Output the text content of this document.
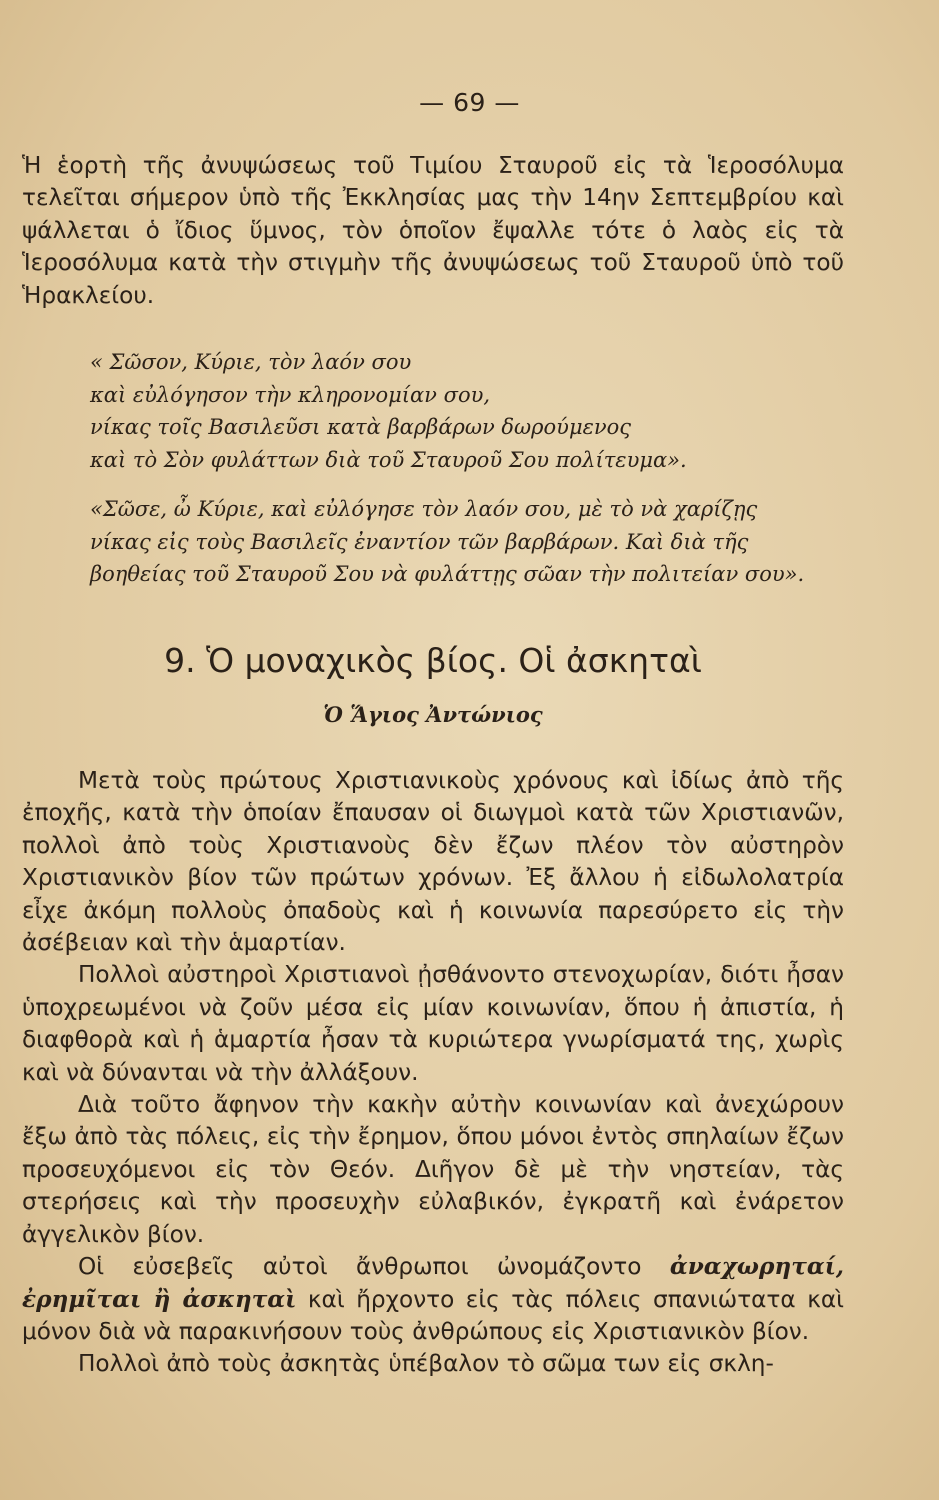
— 69 —

Ἡ ἑορτὴ τῆς ἀνυψώσεως τοῦ Τιμίου Σταυροῦ εἰς τὰ Ἱεροσόλυμα τελεῖται σήμερον ὑπὸ τῆς Ἐκκλησίας μας τὴν 14ην Σεπτεμβρίου καὶ ψάλλεται ὁ ἴδιος ὕμνος, τὸν ὁποῖον ἔψαλλε τότε ὁ λαὸς εἰς τὰ Ἱεροσόλυμα κατὰ τὴν στιγμὴν τῆς ἀνυψώσεως τοῦ Σταυροῦ ὑπὸ τοῦ Ἡρακλείου.

« Σῶσον, Κύριε, τὸν λαόν σου
καὶ εὐλόγησον τὴν κληρονομίαν σου,
νίκας τοῖς Βασιλεῦσι κατὰ βαρβάρων δωρούμενος
καὶ τὸ Σὸν φυλάττων διὰ τοῦ Σταυροῦ Σου πολίτευμα».

«Σῶσε, ὦ Κύριε, καὶ εὐλόγησε τὸν λαόν σου, μὲ τὸ νὰ χαρίζῃς
νίκας εἰς τοὺς Βασιλεῖς ἐναντίον τῶν βαρβάρων. Καὶ διὰ τῆς
βοηθείας τοῦ Σταυροῦ Σου νὰ φυλάττῃς σῶαν τὴν πολιτείαν σου».

9. Ὁ μοναχικὸς βίος. Οἱ ἀσκηταὶ
Ὁ Ἅγιος Ἀντώνιος

Μετὰ τοὺς πρώτους Χριστιανικοὺς χρόνους καὶ ἰδίως ἀπὸ τῆς ἐποχῆς, κατὰ τὴν ὁποίαν ἔπαυσαν οἱ διωγμοὶ κατὰ τῶν Χριστιανῶν, πολλοὶ ἀπὸ τοὺς Χριστιανοὺς δὲν ἔζων πλέον τὸν αὐστηρὸν Χριστιανικὸν βίον τῶν πρώτων χρόνων. Ἐξ ἄλλου ἡ εἰδωλολατρία εἶχε ἀκόμη πολλοὺς ὀπαδοὺς καὶ ἡ κοινωνία παρεσύρετο εἰς τὴν ἀσέβειαν καὶ τὴν ἁμαρτίαν.

Πολλοὶ αὐστηροὶ Χριστιανοὶ ᾐσθάνοντο στενοχωρίαν, διότι ἦσαν ὑποχρεωμένοι νὰ ζοῦν μέσα εἰς μίαν κοινωνίαν, ὅπου ἡ ἀπιστία, ἡ διαφθορὰ καὶ ἡ ἁμαρτία ἦσαν τὰ κυριώτερα γνωρίσματά της, χωρὶς καὶ νὰ δύνανται νὰ τὴν ἀλλάξουν.

Διὰ τοῦτο ἄφηνον τὴν κακὴν αὐτὴν κοινωνίαν καὶ ἀνεχώρουν ἔξω ἀπὸ τὰς πόλεις, εἰς τὴν ἔρημον, ὅπου μόνοι ἐντὸς σπηλαίων ἔζων προσευχόμενοι εἰς τὸν Θεόν. Διῆγον δὲ μὲ τὴν νηστείαν, τὰς στερήσεις καὶ τὴν προσευχὴν εὐλαβικόν, ἐγκρατῆ καὶ ἐνάρετον ἀγγελικὸν βίον.

Οἱ εὐσεβεῖς αὐτοὶ ἄνθρωποι ὠνομάζοντο ἀναχωρηταί, ἐρημῖται ἢ ἀσκηταὶ καὶ ἤρχοντο εἰς τὰς πόλεις σπανιώτατα καὶ μόνον διὰ νὰ παρακινήσουν τοὺς ἀνθρώπους εἰς Χριστιανικὸν βίον.

Πολλοὶ ἀπὸ τοὺς ἀσκητὰς ὑπέβαλον τὸ σῶμα των εἰς σκλη-
